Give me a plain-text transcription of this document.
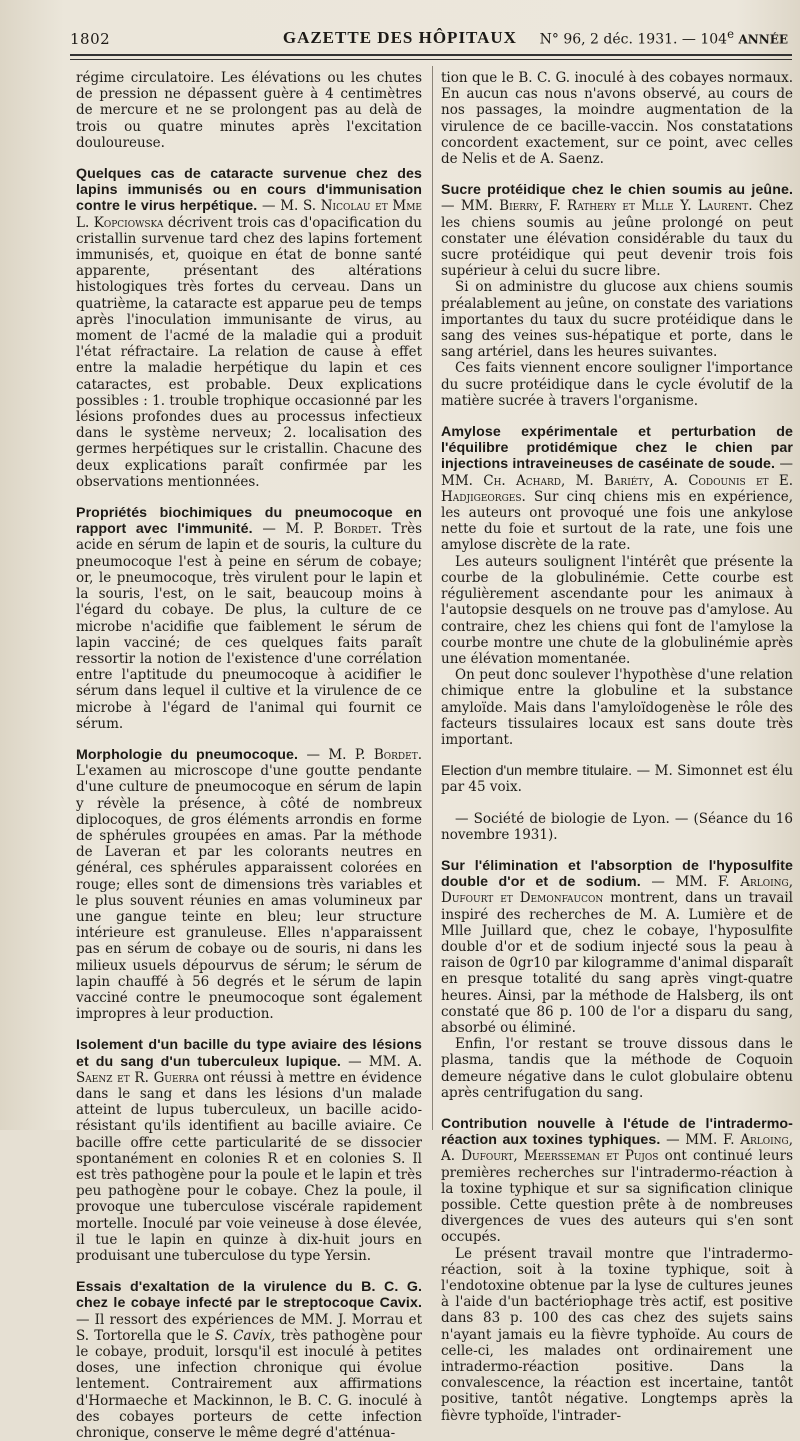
1802	GAZETTE DES HÔPITAUX N° 96, 2 déc. 1931. — 104e ANNÉE

régime circulatoire. Les élévations ou les chutes de pression ne dépassent guère à 4 centimètres de mercure et ne se prolongent pas au delà de trois ou quatre minutes après l'excitation douloureuse.

Quelques cas de cataracte survenue chez des lapins immunisés ou en cours d'immunisation contre le virus herpétique. — M. S. Nicolau et Mme L. Kopciowska décrivent trois cas d'opacification du cristallin survenue tard chez des lapins fortement immunisés, et, quoique en état de bonne santé apparente, présentant des altérations histologiques très fortes du cerveau. Dans un quatrième, la cataracte est apparue peu de temps après l'inoculation immunisante de virus, au moment de l'acmé de la maladie qui a produit l'état réfractaire. La relation de cause à effet entre la maladie herpétique du lapin et ces cataractes, est probable. Deux explications possibles : 1. trouble trophique occasionné par les lésions profondes dues au processus infectieux dans le système nerveux; 2. localisation des germes herpétiques sur le cristallin. Chacune des deux explications paraît confirmée par les observations mentionnées.

Propriétés biochimiques du pneumocoque en rapport avec l'immunité. — M. P. Bordet. Très acide en sérum de lapin et de souris, la culture du pneumocoque l'est à peine en sérum de cobaye; or, le pneumocoque, très virulent pour le lapin et la souris, l'est, on le sait, beaucoup moins à l'égard du cobaye. De plus, la culture de ce microbe n'acidifie que faiblement le sérum de lapin vacciné; de ces quelques faits paraît ressortir la notion de l'existence d'une corrélation entre l'aptitude du pneumocoque à acidifier le sérum dans lequel il cultive et la virulence de ce microbe à l'égard de l'animal qui fournit ce sérum.

Morphologie du pneumocoque. — M. P. Bordet. L'examen au microscope d'une goutte pendante d'une culture de pneumocoque en sérum de lapin y révèle la présence, à côté de nombreux diplocoques, de gros éléments arrondis en forme de sphérules groupées en amas. Par la méthode de Laveran et par les colorants neutres en général, ces sphérules apparaissent colorées en rouge; elles sont de dimensions très variables et le plus souvent réunies en amas volumineux par une gangue teinte en bleu; leur structure intérieure est granuleuse. Elles n'apparaissent pas en sérum de cobaye ou de souris, ni dans les milieux usuels dépourvus de sérum; le sérum de lapin chauffé à 56 degrés et le sérum de lapin vacciné contre le pneumocoque sont également impropres à leur production.

Isolement d'un bacille du type aviaire des lésions et du sang d'un tuberculeux lupique. — MM. A. Saenz et R. Guerra ont réussi à mettre en évidence dans le sang et dans les lésions d'un malade atteint de lupus tuberculeux, un bacille acido-résistant qu'ils identifient au bacille aviaire. Ce bacille offre cette particularité de se dissocier spontanément en colonies R et en colonies S. Il est très pathogène pour la poule et le lapin et très peu pathogène pour le cobaye. Chez la poule, il provoque une tuberculose viscérale rapidement mortelle. Inoculé par voie veineuse à dose élevée, il tue le lapin en quinze à dix-huit jours en produisant une tuberculose du type Yersin.

Essais d'exaltation de la virulence du B. C. G. chez le cobaye infecté par le streptocoque Cavix. — Il ressort des expériences de MM. J. Morrau et S. Tortorella que le S. Cavix, très pathogène pour le cobaye, produit, lorsqu'il est inoculé à petites doses, une infection chronique qui évolue lentement. Contrairement aux affirmations d'Hormaeche et Mackinnon, le B. C. G. inoculé à des cobayes porteurs de cette infection chronique, conserve le même degré d'atténua-

tion que le B. C. G. inoculé à des cobayes normaux. En aucun cas nous n'avons observé, au cours de nos passages, la moindre augmentation de la virulence de ce bacille-vaccin. Nos constatations concordent exactement, sur ce point, avec celles de Nelis et de A. Saenz.

Sucre protéidique chez le chien soumis au jeûne. — MM. Bierry, F. Rathery et Mlle Y. Laurent. Chez les chiens soumis au jeûne prolongé on peut constater une élévation considérable du taux du sucre protéidique qui peut devenir trois fois supérieur à celui du sucre libre.

Si on administre du glucose aux chiens soumis préalablement au jeûne, on constate des variations importantes du taux du sucre protéidique dans le sang des veines sus-hépatique et porte, dans le sang artériel, dans les heures suivantes.

Ces faits viennent encore souligner l'importance du sucre protéidique dans le cycle évolutif de la matière sucrée à travers l'organisme.

Amylose expérimentale et perturbation de l'équilibre protidémique chez le chien par injections intraveineuses de caséinate de soude. — MM. Ch. Achard, M. Bariéty, A. Codounis et E. Hadjigeorges. Sur cinq chiens mis en expérience, les auteurs ont provoqué une fois une ankylose nette du foie et surtout de la rate, une fois une amylose discrète de la rate.

Les auteurs soulignent l'intérêt que présente la courbe de la globulinémie. Cette courbe est régulièrement ascendante pour les animaux à l'autopsie desquels on ne trouve pas d'amylose. Au contraire, chez les chiens qui font de l'amylose la courbe montre une chute de la globulinémie après une élévation momentanée.

On peut donc soulever l'hypothèse d'une relation chimique entre la globuline et la substance amyloïde. Mais dans l'amyloïdogenèse le rôle des facteurs tissulaires locaux est sans doute très important.

Election d'un membre titulaire. — M. Simonnet est élu par 45 voix.

— Société de biologie de Lyon. — (Séance du 16 novembre 1931).

Sur l'élimination et l'absorption de l'hyposulfite double d'or et de sodium. — MM. F. Arloing, Dufourt et Demonfaucon montrent, dans un travail inspiré des recherches de M. A. Lumière et de Mlle Juillard que, chez le cobaye, l'hyposulfite double d'or et de sodium injecté sous la peau à raison de 0gr10 par kilogramme d'animal disparaît en presque totalité du sang après vingt-quatre heures. Ainsi, par la méthode de Halsberg, ils ont constaté que 86 p. 100 de l'or a disparu du sang, absorbé ou éliminé.

Enfin, l'or restant se trouve dissous dans le plasma, tandis que la méthode de Coquoin demeure négative dans le culot globulaire obtenu après centrifugation du sang.

Contribution nouvelle à l'étude de l'intradermo-réaction aux toxines typhiques. — MM. F. Arloing, A. Dufourt, Meersseman et Pujos ont continué leurs premières recherches sur l'intradermo-réaction à la toxine typhique et sur sa signification clinique possible. Cette question prête à de nombreuses divergences de vues des auteurs qui s'en sont occupés.

Le présent travail montre que l'intradermo-réaction, soit à la toxine typhique, soit à l'endotoxine obtenue par la lyse de cultures jeunes à l'aide d'un bactériophage très actif, est positive dans 83 p. 100 des cas chez des sujets sains n'ayant jamais eu la fièvre typhoïde. Au cours de celle-ci, les malades ont ordinairement une intradermo-réaction positive. Dans la convalescence, la réaction est incertaine, tantôt positive, tantôt négative. Longtemps après la fièvre typhoïde, l'intrader-
